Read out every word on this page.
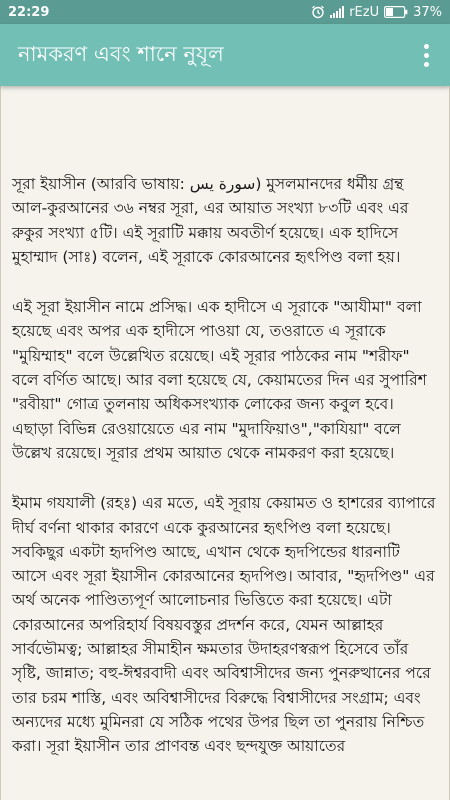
22:29	rEzU	37%
নামকরণ এবং শানে নুযূল

সূরা ইয়াসীন (আরবি ভাষায়: سورة يس) মুসলমানদের ধর্মীয় গ্রন্থ আল-কুরআনের ৩৬ নম্বর সূরা, এর আয়াত সংখ্যা ৮৩টি এবং এর রুকুর সংখ্যা ৫টি। এই সূরাটি মক্কায় অবতীর্ণ হয়েছে। এক হাদিসে মুহাম্মাদ (সাঃ) বলেন, এই সূরাকে কোরআনের হৃৎপিণ্ড বলা হয়।

এই সূরা ইয়াসীন নামে প্রসিদ্ধ। এক হাদীসে এ সূরাকে "আযীমা" বলা হয়েছে এবং অপর এক হাদীসে পাওয়া যে, তওরাতে এ সূরাকে "মুয়িম্মাহ" বলে উল্লেখিত রয়েছে। এই সূরার পাঠকের নাম "শরীফ" বলে বর্ণিত আছে। আর বলা হয়েছে যে, কেয়ামতের দিন এর সুপারিশ "রবীয়া" গোত্র তুলনায় অধিকসংখ্যাক লোকের জন্য কবুল হবে। এছাড়া বিভিন্ন রেওয়ায়েতে এর নাম "মুদাফিয়াও","কাযিয়া" বলে উল্লেখ রয়েছে। সূরার প্রথম আয়াত থেকে নামকরণ করা হয়েছে।

ইমাম গযযালী (রহঃ) এর মতে, এই সূরায় কেয়ামত ও হাশরের ব্যাপারে দীর্ঘ বর্ণনা থাকার কারণে একে কুরআনের হৃৎপিণ্ড বলা হয়েছে। সবকিছুর একটা হৃদপিণ্ড আছে, এখান থেকে হৃদপিন্ডের ধারনাটি আসে এবং সূরা ইয়াসীন কোরআনের হৃদপিণ্ড। আবার, "হৃদপিণ্ড" এর অর্থ অনেক পাণ্ডিত্যপূর্ণ আলোচনার ভিত্তিতে করা হয়েছে। এটা কোরআনের অপরিহার্য বিষয়বস্তুর প্রদর্শন করে, যেমন আল্লাহর সার্বভৌমত্ব; আল্লাহর সীমাহীন ক্ষমতার উদাহরণস্বরূপ হিসেবে তাঁর সৃষ্টি, জান্নাত; বহু-ঈশ্বরবাদী এবং অবিশ্বাসীদের জন্য পুনরুত্থানের পরে তার চরম শাস্তি, এবং অবিশ্বাসীদের বিরুদ্ধে বিশ্বাসীদের সংগ্রাম; এবং অন্যদের মধ্যে মুমিনরা যে সঠিক পথের উপর ছিল তা পুনরায় নিশ্চিত করা। সূরা ইয়াসীন তার প্রাণবন্ত এবং ছন্দযুক্ত আয়াতের
